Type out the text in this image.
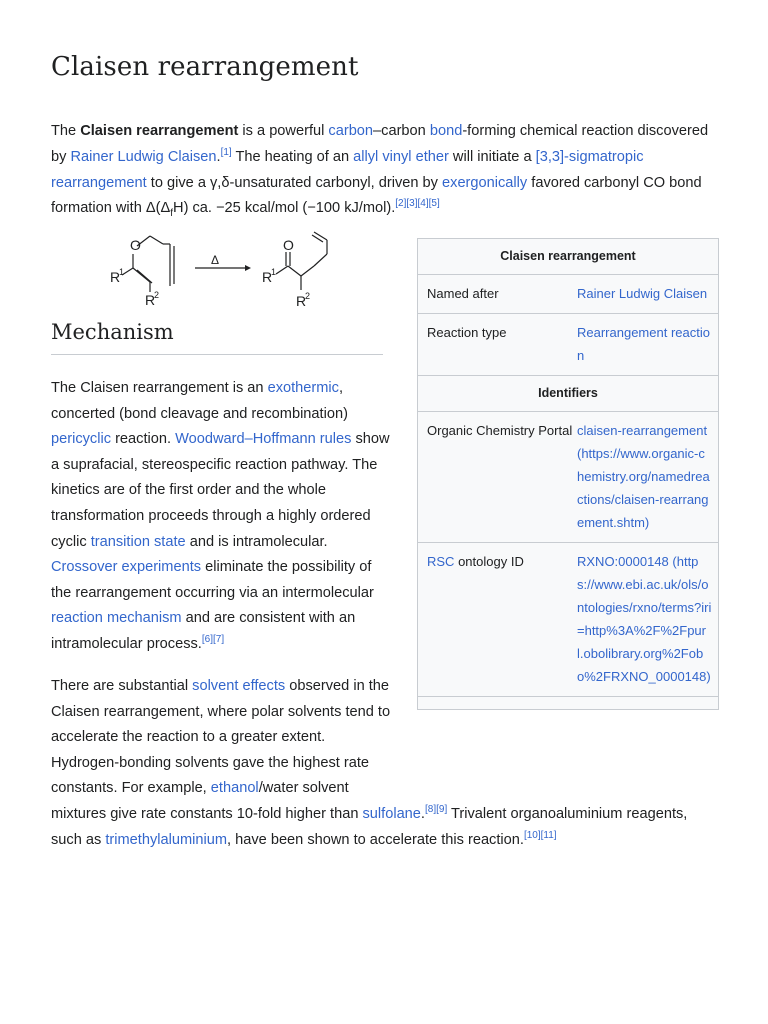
Claisen rearrangement

The Claisen rearrangement is a powerful carbon–carbon bond-forming chemical reaction discovered by Rainer Ludwig Claisen.[1] The heating of an allyl vinyl ether will initiate a [3,3]-sigmatropic rearrangement to give a γ,δ-unsaturated carbonyl, driven by exergonically favored carbonyl CO bond formation with $\Delta(\Delta_fH)$ ca. −25 kcal/mol (−100 kJ/mol).[2][3][4][5]

O
R
1
R
2
Δ
O
R
1
R
2
Mechanism

The Claisen rearrangement is an exothermic, concerted (bond cleavage and recombination) pericyclic reaction. Woodward–Hoffmann rules show a suprafacial, stereospecific reaction pathway. The kinetics are of the first order and the whole transformation proceeds through a highly ordered cyclic transition state and is intramolecular. Crossover experiments eliminate the possibility of the rearrangement occurring via an intermolecular reaction mechanism and are consistent with an intramolecular process.[6][7]

There are substantial solvent effects observed in the Claisen rearrangement, where polar solvents tend to accelerate the reaction to a greater extent. Hydrogen-bonding solvents gave the highest rate constants. For example, ethanol/water solvent
mixtures give rate constants 10-fold higher than sulfolane.[8][9] Trivalent organoaluminium reagents, such as trimethylaluminium, have been shown to accelerate this reaction.[10][11]

Claisen rearrangement
Named after	Rainer Ludwig Claisen
Reaction type	Rearrangement reaction
Identifiers
Organic Chemistry Portal claisen-rearrangement (https://www.organic-chemistry.org/namedreactions/claisen-rearrangement.shtm)
RSC ontology ID	RXNO:0000148 (https://www.ebi.ac.uk/ols/ontologies/rxno/terms?iri=http%3A%2F%2Fpurl.obolibrary.org%2Fobo%2FRXNO_0000148)
